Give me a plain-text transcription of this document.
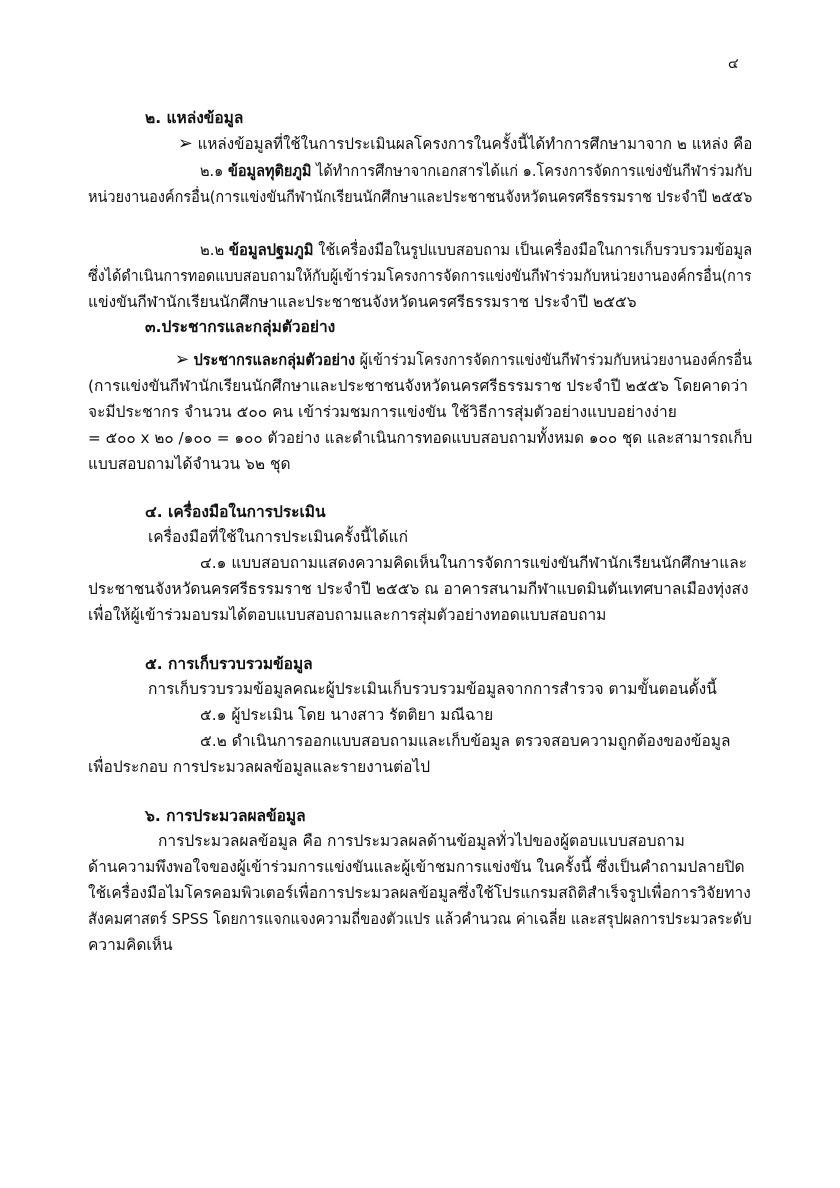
๔
๒. แหล่งข้อมูล
➢ แหล่งข้อมูลที่ใช้ในการประเมินผลโครงการในครั้งนี้ได้ทำการศึกษามาจาก ๒ แหล่ง คือ
๒.๑ ข้อมูลทุติยภูมิ ได้ทำการศึกษาจากเอกสารได้แก่ ๑.โครงการจัดการแข่งขันกีฬาร่วมกับ
หน่วยงานองค์กรอื่น(การแข่งขันกีฬานักเรียนนักศึกษาและประชาชนจังหวัดนครศรีธรรมราช ประจำปี ๒๕๕๖
๒.๒ ข้อมูลปฐมภูมิ ใช้เครื่องมือในรูปแบบสอบถาม เป็นเครื่องมือในการเก็บรวบรวมข้อมูล
ซึ่งได้ดำเนินการทอดแบบสอบถามให้กับผู้เข้าร่วมโครงการจัดการแข่งขันกีฬาร่วมกับหน่วยงานองค์กรอื่น(การ
แข่งขันกีฬานักเรียนนักศึกษาและประชาชนจังหวัดนครศรีธรรมราช ประจำปี ๒๕๕๖
๓.ประชากรและกลุ่มตัวอย่าง
➢ ประชากรและกลุ่มตัวอย่าง ผู้เข้าร่วมโครงการจัดการแข่งขันกีฬาร่วมกับหน่วยงานองค์กรอื่น
(การแข่งขันกีฬานักเรียนนักศึกษาและประชาชนจังหวัดนครศรีธรรมราช ประจำปี ๒๕๕๖ โดยคาดว่า
จะมีประชากร จำนวน ๕๐๐ คน เข้าร่วมชมการแข่งขัน ใช้วิธีการสุ่มตัวอย่างแบบอย่างง่าย
= ๕๐๐ x ๒๐ /๑๐๐ = ๑๐๐ ตัวอย่าง และดำเนินการทอดแบบสอบถามทั้งหมด ๑๐๐ ชุด และสามารถเก็บ
แบบสอบถามได้จำนวน ๖๒ ชุด
๔. เครื่องมือในการประเมิน
เครื่องมือที่ใช้ในการประเมินครั้งนี้ได้แก่
๔.๑ แบบสอบถามแสดงความคิดเห็นในการจัดการแข่งขันกีฬานักเรียนนักศึกษาและ
ประชาชนจังหวัดนครศรีธรรมราช ประจำปี ๒๕๕๖ ณ อาคารสนามกีฬาแบดมินตันเทศบาลเมืองทุ่งสง
เพื่อให้ผู้เข้าร่วมอบรมได้ตอบแบบสอบถามและการสุ่มตัวอย่างทอดแบบสอบถาม
๕. การเก็บรวบรวมข้อมูล
การเก็บรวบรวมข้อมูลคณะผู้ประเมินเก็บรวบรวมข้อมูลจากการสำรวจ ตามขั้นตอนดั้งนี้
๕.๑ ผู้ประเมิน โดย นางสาว รัตติยา มณีฉาย
๕.๒ ดำเนินการออกแบบสอบถามและเก็บข้อมูล ตรวจสอบความถูกต้องของข้อมูล
เพื่อประกอบ การประมวลผลข้อมูลและรายงานต่อไป
๖. การประมวลผลข้อมูล
การประมวลผลข้อมูล คือ การประมวลผลด้านข้อมูลทั่วไปของผู้ตอบแบบสอบถาม
ด้านความพึงพอใจของผู้เข้าร่วมการแข่งขันและผู้เข้าชมการแข่งขัน ในครั้งนี้ ซึ่งเป็นคำถามปลายปิด
ใช้เครื่องมือไมโครคอมพิวเตอร์เพื่อการประมวลผลข้อมูลซึ่งใช้โปรแกรมสถิติสำเร็จรูปเพื่อการวิจัยทาง
สังคมศาสตร์ SPSS โดยการแจกแจงความถี่ของตัวแปร แล้วคำนวณ ค่าเฉลี่ย และสรุปผลการประมวลระดับ
ความคิดเห็น
